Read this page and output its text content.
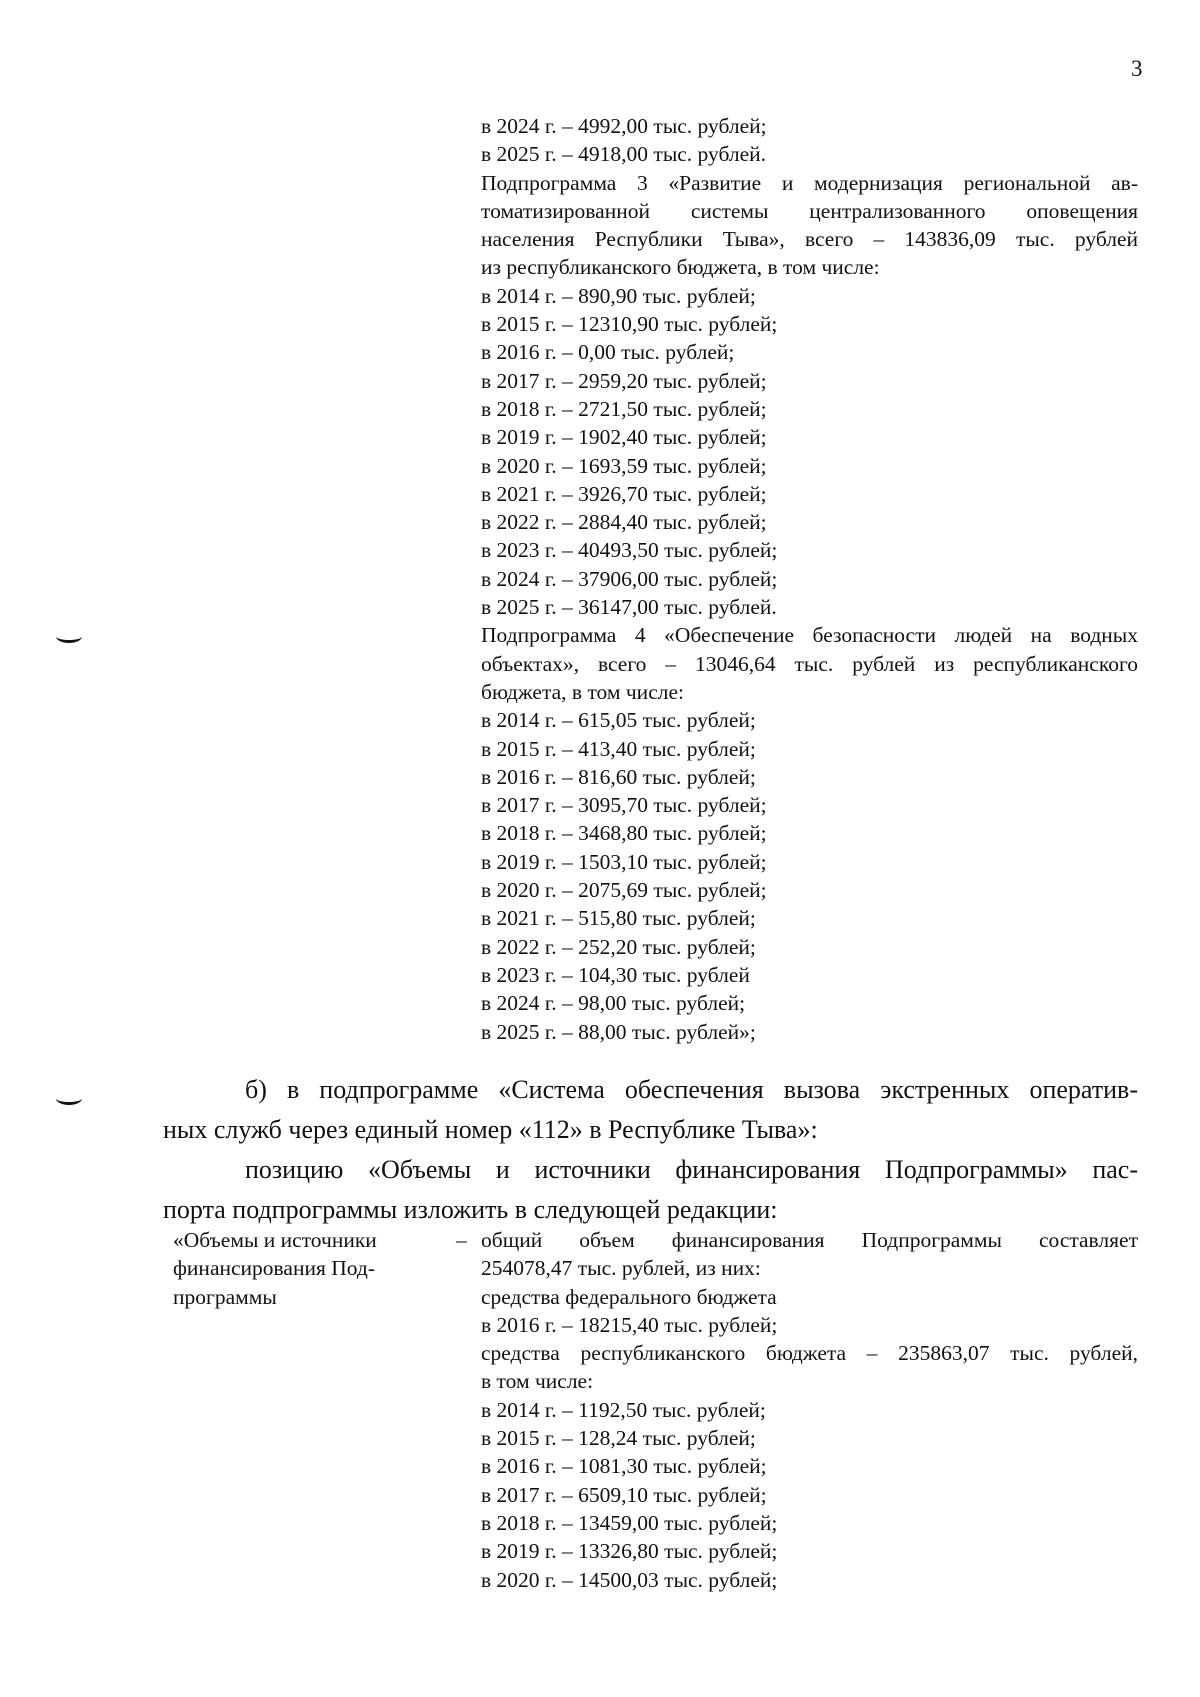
3
в 2024 г. – 4992,00 тыс. рублей;
в 2025 г. – 4918,00 тыс. рублей.
Подпрограмма 3 «Развитие и модернизация региональной ав-
томатизированной системы централизованного оповещения
населения Республики Тыва», всего – 143836,09 тыс. рублей
из республиканского бюджета, в том числе:
в 2014 г. – 890,90 тыс. рублей;
в 2015 г. – 12310,90 тыс. рублей;
в 2016 г. – 0,00 тыс. рублей;
в 2017 г. – 2959,20 тыс. рублей;
в 2018 г. – 2721,50 тыс. рублей;
в 2019 г. – 1902,40 тыс. рублей;
в 2020 г. – 1693,59 тыс. рублей;
в 2021 г. – 3926,70 тыс. рублей;
в 2022 г. – 2884,40 тыс. рублей;
в 2023 г. – 40493,50 тыс. рублей;
в 2024 г. – 37906,00 тыс. рублей;
в 2025 г. – 36147,00 тыс. рублей.
Подпрограмма 4 «Обеспечение безопасности людей на водных
объектах», всего – 13046,64 тыс. рублей из республиканского
бюджета, в том числе:
в 2014 г. – 615,05 тыс. рублей;
в 2015 г. – 413,40 тыс. рублей;
в 2016 г. – 816,60 тыс. рублей;
в 2017 г. – 3095,70 тыс. рублей;
в 2018 г. – 3468,80 тыс. рублей;
в 2019 г. – 1503,10 тыс. рублей;
в 2020 г. – 2075,69 тыс. рублей;
в 2021 г. – 515,80 тыс. рублей;
в 2022 г. – 252,20 тыс. рублей;
в 2023 г. – 104,30 тыс. рублей
в 2024 г. – 98,00 тыс. рублей;
в 2025 г. – 88,00 тыс. рублей»;
б) в подпрограмме «Система обеспечения вызова экстренных оператив-
ных служб через единый номер «112» в Республике Тыва»:
позицию «Объемы и источники финансирования Подпрограммы» пас-
порта подпрограммы изложить в следующей редакции:
«Объемы и источники
финансирования Под-
программы
– общий объем финансирования Подпрограммы составляет
254078,47 тыс. рублей, из них:
средства федерального бюджета
в 2016 г. – 18215,40 тыс. рублей;
средства республиканского бюджета – 235863,07 тыс. рублей,
в том числе:
в 2014 г. – 1192,50 тыс. рублей;
в 2015 г. – 128,24 тыс. рублей;
в 2016 г. – 1081,30 тыс. рублей;
в 2017 г. – 6509,10 тыс. рублей;
в 2018 г. – 13459,00 тыс. рублей;
в 2019 г. – 13326,80 тыс. рублей;
в 2020 г. – 14500,03 тыс. рублей;
